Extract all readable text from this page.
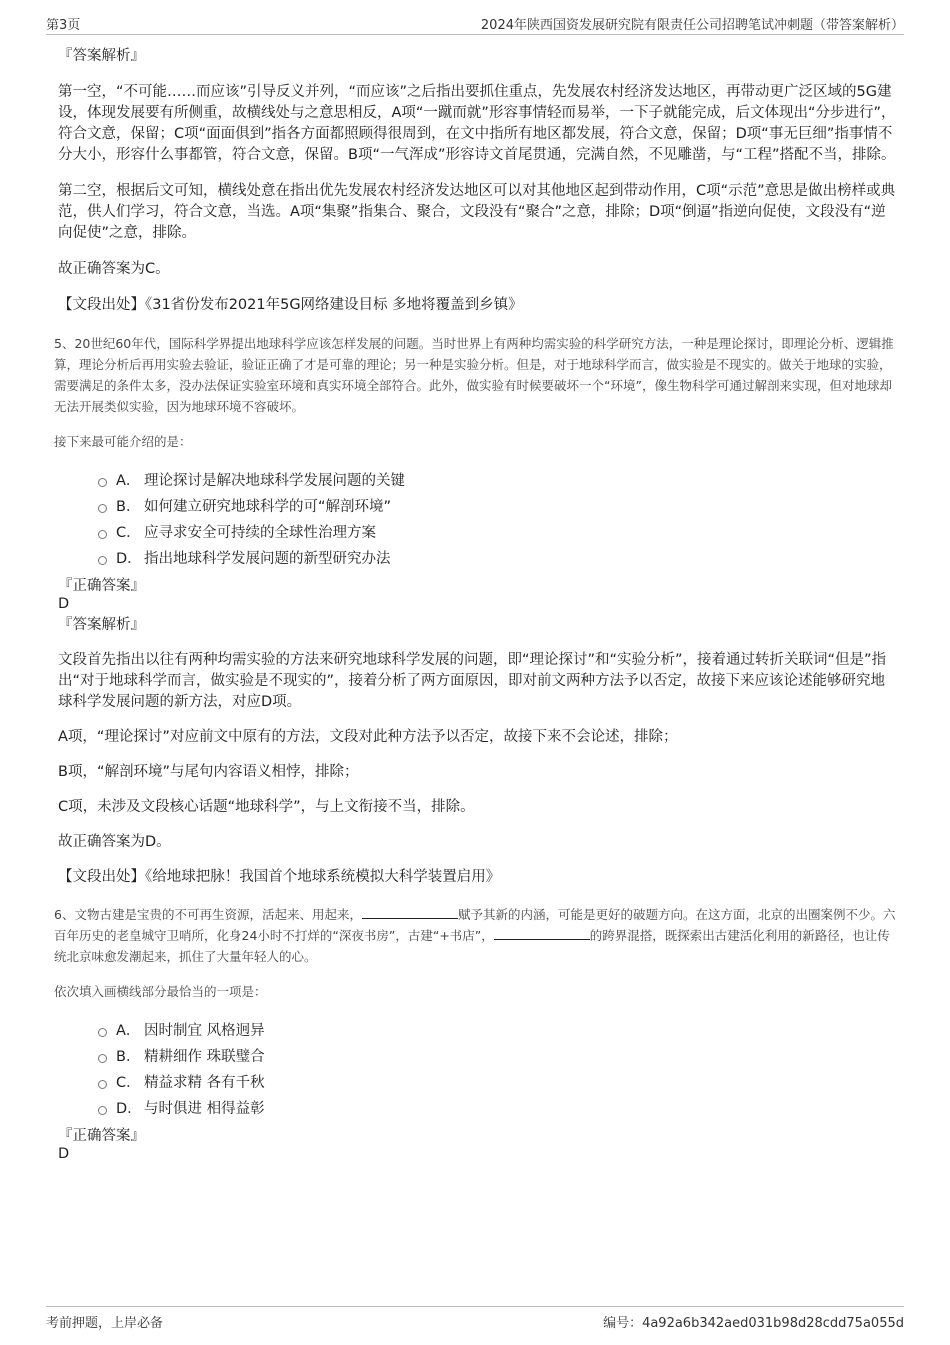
第3页	2024年陕西国资发展研究院有限责任公司招聘笔试冲刺题（带答案解析）

『答案解析』

第一空，“不可能……而应该”引导反义并列，“而应该”之后指出要抓住重点，先发展农村经济发达地区，再带动更广泛区域的5G建设，体现发展要有所侧重，故横线处与之意思相反，A项“一蹴而就”形容事情轻而易举，一下子就能完成，后文体现出“分步进行”，符合文意，保留；C项“面面俱到”指各方面都照顾得很周到，在文中指所有地区都发展，符合文意，保留；D项“事无巨细”指事情不分大小，形容什么事都管，符合文意，保留。B项“一气浑成”形容诗文首尾贯通，完满自然，不见雕凿，与“工程”搭配不当，排除。

第二空，根据后文可知，横线处意在指出优先发展农村经济发达地区可以对其他地区起到带动作用，C项“示范”意思是做出榜样或典范，供人们学习，符合文意，当选。A项“集聚”指集合、聚合，文段没有“聚合”之意，排除；D项“倒逼”指逆向促使，文段没有“逆向促使”之意，排除。

故正确答案为C。

【文段出处】《31省份发布2021年5G网络建设目标 多地将覆盖到乡镇》

5、20世纪60年代，国际科学界提出地球科学应该怎样发展的问题。当时世界上有两种均需实验的科学研究方法，一种是理论探讨，即理论分析、逻辑推算，理论分析后再用实验去验证，验证正确了才是可靠的理论；另一种是实验分析。但是，对于地球科学而言，做实验是不现实的。做关于地球的实验，需要满足的条件太多，没办法保证实验室环境和真实环境全部符合。此外，做实验有时候要破坏一个“环境”，像生物科学可通过解剖来实现，但对地球却无法开展类似实验，因为地球环境不容破坏。

接下来最可能介绍的是：

A． 理论探讨是解决地球科学发展问题的关键
B． 如何建立研究地球科学的可“解剖环境”
C． 应寻求安全可持续的全球性治理方案
D． 指出地球科学发展问题的新型研究办法

『正确答案』

D

『答案解析』

文段首先指出以往有两种均需实验的方法来研究地球科学发展的问题，即“理论探讨”和“实验分析”，接着通过转折关联词“但是”指出“对于地球科学而言，做实验是不现实的”，接着分析了两方面原因，即对前文两种方法予以否定，故接下来应该论述能够研究地球科学发展问题的新方法，对应D项。

A项，“理论探讨”对应前文中原有的方法，文段对此种方法予以否定，故接下来不会论述，排除；

B项，“解剖环境”与尾句内容语义相悖，排除；

C项，未涉及文段核心话题“地球科学”，与上文衔接不当，排除。

故正确答案为D。

【文段出处】《给地球把脉！我国首个地球系统模拟大科学装置启用》

6、文物古建是宝贵的不可再生资源，活起来、用起来，	赋予其新的内涵，可能是更好的破题方向。在这方面，北京的出圈案例不少。六百年历史的老皇城守卫哨所，化身24小时不打烊的“深夜书房”，古建“+书店”，	的跨界混搭，既探索出古建活化利用的新路径，也让传统北京味愈发潮起来，抓住了大量年轻人的心。

依次填入画横线部分最恰当的一项是：

A． 因时制宜 风格迥异
B． 精耕细作 珠联璧合
C． 精益求精 各有千秋
D． 与时俱进 相得益彰

『正确答案』

D

考前押题，上岸必备	编号：4a92a6b342aed031b98d28cdd75a055d
